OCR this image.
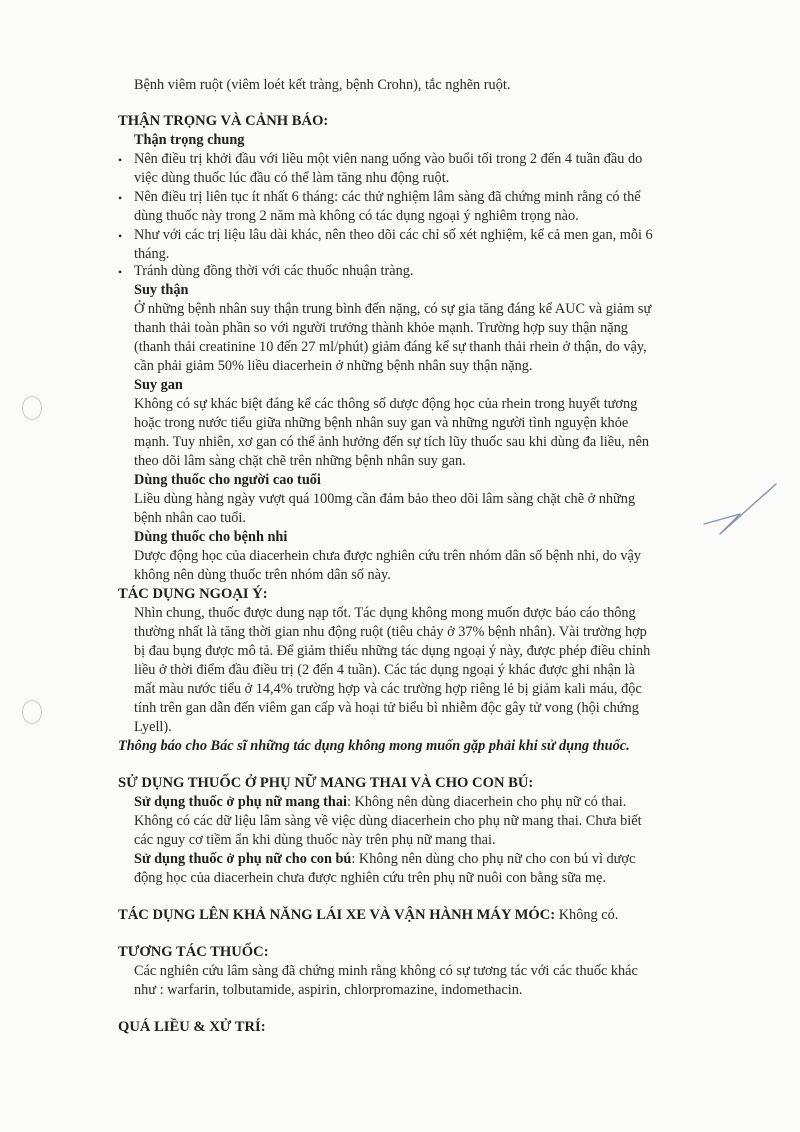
Bệnh viêm ruột (viêm loét kết tràng, bệnh Crohn), tắc nghẽn ruột.
THẬN TRỌNG VÀ CẢNH BÁO:
Thận trọng chung
• Nên điều trị khởi đầu với liều một viên nang uống vào buổi tối trong 2 đến 4 tuần đầu do
việc dùng thuốc lúc đầu có thể làm tăng nhu động ruột.
• Nên điều trị liên tục ít nhất 6 tháng: các thử nghiệm lâm sàng đã chứng minh rằng có thể
dùng thuốc này trong 2 năm mà không có tác dụng ngoại ý nghiêm trọng nào.
• Như với các trị liệu lâu dài khác, nên theo dõi các chỉ số xét nghiệm, kể cả men gan, mỗi 6
tháng.
• Tránh dùng đồng thời với các thuốc nhuận tràng.
Suy thận
Ở những bệnh nhân suy thận trung bình đến nặng, có sự gia tăng đáng kể AUC và giảm sự
thanh thải toàn phần so với người trưởng thành khỏe mạnh. Trường hợp suy thận nặng
(thanh thải creatinine 10 đến 27 ml/phút) giảm đáng kể sự thanh thải rhein ở thận, do vậy,
cần phải giảm 50% liều diacerhein ở những bệnh nhân suy thận nặng.
Suy gan
Không có sự khác biệt đáng kể các thông số dược động học của rhein trong huyết tương
hoặc trong nước tiểu giữa những bệnh nhân suy gan và những người tình nguyện khỏe
mạnh. Tuy nhiên, xơ gan có thể ảnh hưởng đến sự tích lũy thuốc sau khi dùng đa liều, nên
theo dõi lâm sàng chặt chẽ trên những bệnh nhân suy gan.
Dùng thuốc cho người cao tuổi
Liều dùng hàng ngày vượt quá 100mg cần đảm bảo theo dõi lâm sàng chặt chẽ ở những
bệnh nhân cao tuổi.
Dùng thuốc cho bệnh nhi
Dược động học của diacerhein chưa được nghiên cứu trên nhóm dân số bệnh nhi, do vậy
không nên dùng thuốc trên nhóm dân số này.
TÁC DỤNG NGOẠI Ý:
Nhìn chung, thuốc được dung nạp tốt. Tác dụng không mong muốn được báo cáo thông
thường nhất là tăng thời gian nhu động ruột (tiêu chảy ở 37% bệnh nhân). Vài trường hợp
bị đau bụng được mô tả. Để giảm thiểu những tác dụng ngoại ý này, được phép điều chỉnh
liều ở thời điểm đầu điều trị (2 đến 4 tuần). Các tác dụng ngoại ý khác được ghi nhận là
mất màu nước tiểu ở 14,4% trường hợp và các trường hợp riêng lẻ bị giảm kali máu, độc
tính trên gan dẫn đến viêm gan cấp và hoại tử biểu bì nhiễm độc gây tử vong (hội chứng
Lyell).
Thông báo cho Bác sĩ những tác dụng không mong muốn gặp phải khi sử dụng thuốc.
SỬ DỤNG THUỐC Ở PHỤ NỮ MANG THAI VÀ CHO CON BÚ:
Sử dụng thuốc ở phụ nữ mang thai: Không nên dùng diacerhein cho phụ nữ có thai.
Không có các dữ liệu lâm sàng về việc dùng diacerhein cho phụ nữ mang thai. Chưa biết
các nguy cơ tiềm ẩn khi dùng thuốc này trên phụ nữ mang thai.
Sử dụng thuốc ở phụ nữ cho con bú: Không nên dùng cho phụ nữ cho con bú vì dược
động học của diacerhein chưa được nghiên cứu trên phụ nữ nuôi con bằng sữa mẹ.
TÁC DỤNG LÊN KHẢ NĂNG LÁI XE VÀ VẬN HÀNH MÁY MÓC: Không có.
TƯƠNG TÁC THUỐC:
Các nghiên cứu lâm sàng đã chứng minh rằng không có sự tương tác với các thuốc khác
như : warfarin, tolbutamide, aspirin, chlorpromazine, indomethacin.
QUÁ LIỀU & XỬ TRÍ:
